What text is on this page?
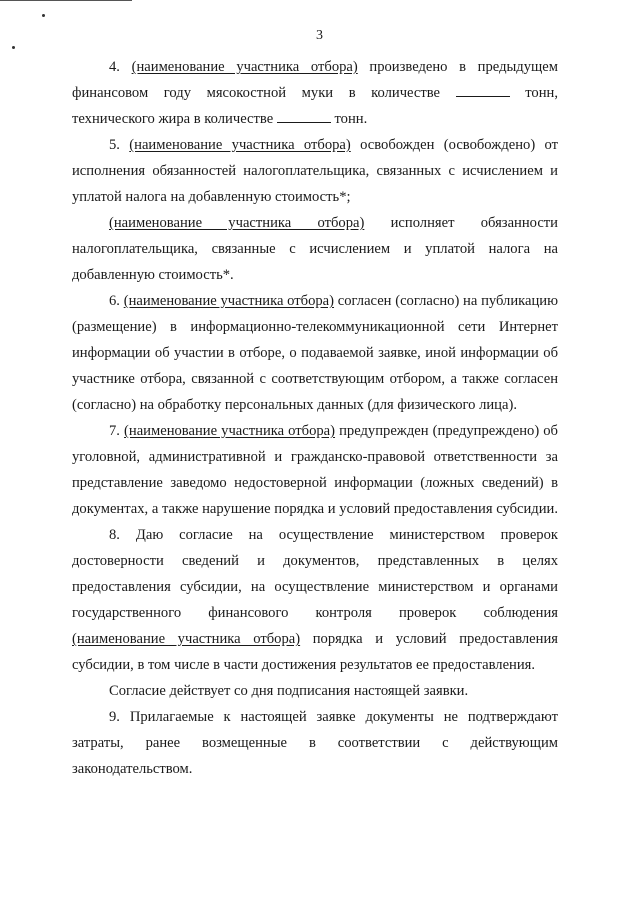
3

4. (наименование участника отбора) произведено в предыдущем финансовом году мясокостной муки в количестве	тонн, технического жира в количестве	тонн.

5. (наименование участника отбора) освобожден (освобождено) от исполнения обязанностей налогоплательщика, связанных с исчислением и уплатой налога на добавленную стоимость*;

(наименование участника отбора) исполняет обязанности налогоплательщика, связанные с исчислением и уплатой налога на добавленную стоимость*.

6. (наименование участника отбора) согласен (согласно) на публикацию (размещение) в информационно-телекоммуникационной сети Интернет информации об участии в отборе, о подаваемой заявке, иной информации об участнике отбора, связанной с соответствующим отбором, а также согласен (согласно) на обработку персональных данных (для физического лица).

7. (наименование участника отбора) предупрежден (предупреждено) об уголовной, административной и гражданско-правовой ответственности за представление заведомо недостоверной информации (ложных сведений) в документах, а также нарушение порядка и условий предоставления субсидии.

8. Даю согласие на осуществление министерством проверок достоверности сведений и документов, представленных в целях предоставления субсидии, на осуществление министерством и органами государственного финансового контроля проверок соблюдения (наименование участника отбора) порядка и условий предоставления субсидии, в том числе в части достижения результатов ее предоставления.

Согласие действует со дня подписания настоящей заявки.

9. Прилагаемые к настоящей заявке документы не подтверждают затраты, ранее возмещенные в соответствии с действующим законодательством.
